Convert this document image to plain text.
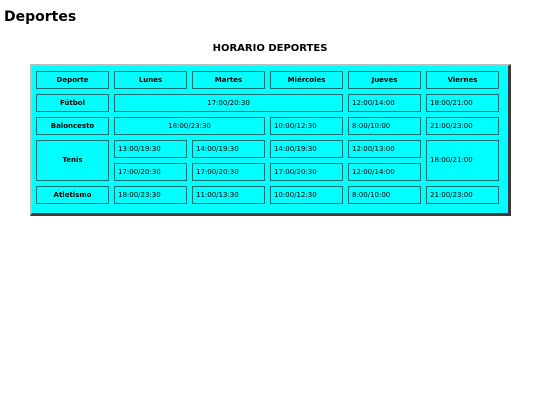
Deportes
HORARIO DEPORTES
Deporte	Lunes	Martes	Miércoles	Jueves	Viernes

Fútbol	17:00/20:30			12:00/14:00	18:00/21:00

Baloncesto	18:00/23:30		10:00/12:30	8:00/10:00	21:00/23:00

Tenis	13:00/19:30	14:00/19:30	14:00/19:30	12:00/13:00	18:00/21:00

	17:00/20:30	17:00/20:30	17:00/20:30	12:00/14:00	

Atletismo	18:00/23:30	11:00/13:30	10:00/12:30	8:00/10:00	21:00/23:00
